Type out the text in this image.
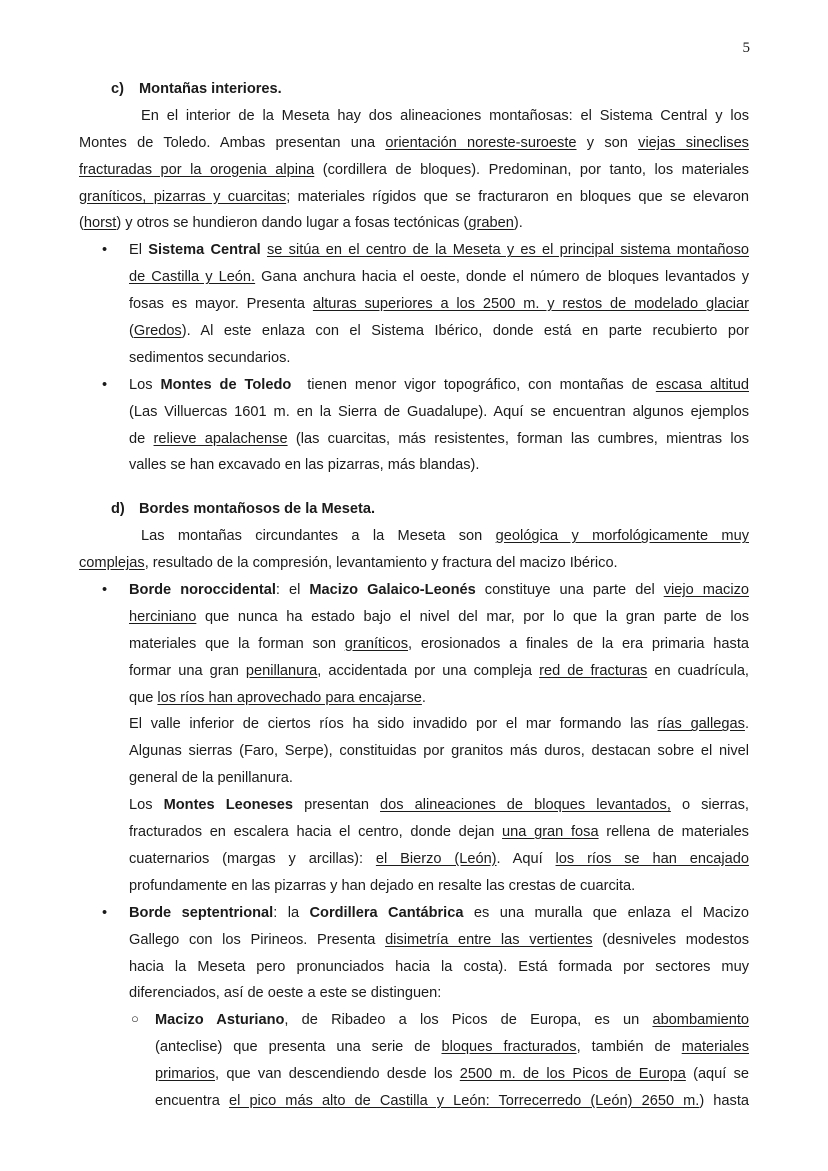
5
c) Montañas interiores.
En el interior de la Meseta hay dos alineaciones montañosas: el Sistema Central y los
Montes de Toledo. Ambas presentan una orientación noreste-suroeste y son viejas sineclises
fracturadas por la orogenia alpina (cordillera de bloques). Predominan, por tanto, los materiales
graníticos, pizarras y cuarcitas; materiales rígidos que se fracturaron en bloques que se elevaron
(horst) y otros se hundieron dando lugar a fosas tectónicas (graben).
• El Sistema Central se sitúa en el centro de la Meseta y es el principal sistema montañoso
de Castilla y León. Gana anchura hacia el oeste, donde el número de bloques levantados y
fosas es mayor. Presenta alturas superiores a los 2500 m. y restos de modelado glaciar
(Gredos). Al este enlaza con el Sistema Ibérico, donde está en parte recubierto por
sedimentos secundarios.
• Los Montes de Toledo  tienen menor vigor topográfico, con montañas de escasa altitud
(Las Villuercas 1601 m. en la Sierra de Guadalupe). Aquí se encuentran algunos ejemplos
de relieve apalachense (las cuarcitas, más resistentes, forman las cumbres, mientras los
valles se han excavado en las pizarras, más blandas).
d) Bordes montañosos de la Meseta.
Las montañas circundantes a la Meseta son geológica y morfológicamente muy
complejas, resultado de la compresión, levantamiento y fractura del macizo Ibérico.
• Borde noroccidental: el Macizo Galaico-Leonés constituye una parte del viejo macizo
herciniano que nunca ha estado bajo el nivel del mar, por lo que la gran parte de los
materiales que la forman son graníticos, erosionados a finales de la era primaria hasta
formar una gran penillanura, accidentada por una compleja red de fracturas en cuadrícula,
que los ríos han aprovechado para encajarse.
El valle inferior de ciertos ríos ha sido invadido por el mar formando las rías gallegas.
Algunas sierras (Faro, Serpe), constituidas por granitos más duros, destacan sobre el nivel
general de la penillanura.
Los Montes Leoneses presentan dos alineaciones de bloques levantados, o sierras,
fracturados en escalera hacia el centro, donde dejan una gran fosa rellena de materiales
cuaternarios (margas y arcillas): el Bierzo (León). Aquí los ríos se han encajado
profundamente en las pizarras y han dejado en resalte las crestas de cuarcita.
• Borde septentrional: la Cordillera Cantábrica es una muralla que enlaza el Macizo
Gallego con los Pirineos. Presenta disimetría entre las vertientes (desniveles modestos
hacia la Meseta pero pronunciados hacia la costa). Está formada por sectores muy
diferenciados, así de oeste a este se distinguen:
○ Macizo Asturiano, de Ribadeo a los Picos de Europa, es un abombamiento
(anteclise) que presenta una serie de bloques fracturados, también de materiales
primarios, que van descendiendo desde los 2500 m. de los Picos de Europa (aquí se
encuentra el pico más alto de Castilla y León: Torrecerredo (León) 2650 m.) hasta
